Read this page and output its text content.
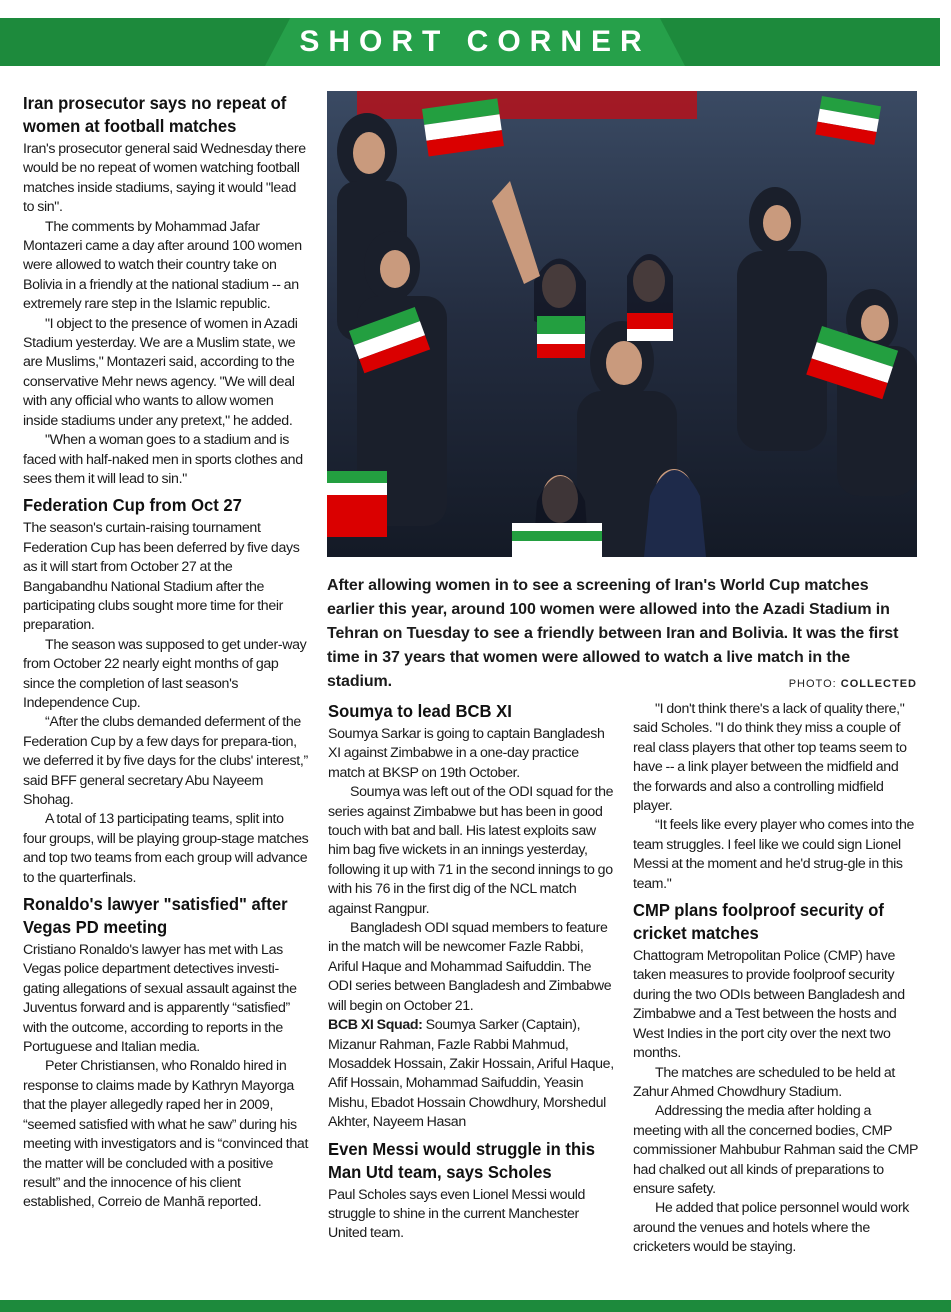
SHORT CORNER
Iran prosecutor says no repeat of women at football matches

Iran's prosecutor general said Wednesday there would be no repeat of women watching football matches inside stadiums, saying it would "lead to sin".

The comments by Mohammad Jafar Montazeri came a day after around 100 women were allowed to watch their country take on Bolivia in a friendly at the national stadium -- an extremely rare step in the Islamic republic.

"I object to the presence of women in Azadi Stadium yesterday. We are a Muslim state, we are Muslims," Montazeri said, according to the conservative Mehr news agency. "We will deal with any official who wants to allow women inside stadiums under any pretext," he added.

"When a woman goes to a stadium and is faced with half-naked men in sports clothes and sees them it will lead to sin."

Federation Cup from Oct 27

The season's curtain-raising tournament Federation Cup has been deferred by five days as it will start from October 27 at the Bangabandhu National Stadium after the participating clubs sought more time for their preparation.

The season was supposed to get under-way from October 22 nearly eight months of gap since the completion of last season's Independence Cup.

“After the clubs demanded deferment of the Federation Cup by a few days for prepara-tion, we deferred it by five days for the clubs' interest,” said BFF general secretary Abu Nayeem Shohag.

A total of 13 participating teams, split into four groups, will be playing group-stage matches and top two teams from each group will advance to the quarterfinals.

Ronaldo's lawyer "satisfied" after Vegas PD meeting

Cristiano Ronaldo's lawyer has met with Las Vegas police department detectives investi-gating allegations of sexual assault against the Juventus forward and is apparently “satisfied” with the outcome, according to reports in the Portuguese and Italian media.

Peter Christiansen, who Ronaldo hired in response to claims made by Kathryn Mayorga that the player allegedly raped her in 2009, “seemed satisfied with what he saw” during his meeting with investigators and is “convinced that the matter will be concluded with a positive result” and the innocence of his client established, Correio de Manhã reported.

After allowing women in to see a screening of Iran's World Cup matches earlier this year, around 100 women were allowed into the Azadi Stadium in Tehran on Tuesday to see a friendly between Iran and Bolivia. It was the first time in 37 years that women were allowed to watch a live match in the stadium.	PHOTO: COLLECTED
Soumya to lead BCB XI

Soumya Sarkar is going to captain Bangladesh XI against Zimbabwe in a one-day practice match at BKSP on 19th October.

Soumya was left out of the ODI squad for the series against Zimbabwe but has been in good touch with bat and ball. His latest exploits saw him bag five wickets in an innings yesterday, following it up with 71 in the second innings to go with his 76 in the first dig of the NCL match against Rangpur.

Bangladesh ODI squad members to feature in the match will be newcomer Fazle Rabbi, Ariful Haque and Mohammad Saifuddin. The ODI series between Bangladesh and Zimbabwe will begin on October 21.

BCB XI Squad: Soumya Sarker (Captain), Mizanur Rahman, Fazle Rabbi Mahmud, Mosaddek Hossain, Zakir Hossain, Ariful Haque, Afif Hossain, Mohammad Saifuddin, Yeasin Mishu, Ebadot Hossain Chowdhury, Morshedul Akhter, Nayeem Hasan

Even Messi would struggle in this Man Utd team, says Scholes

Paul Scholes says even Lionel Messi would struggle to shine in the current Manchester United team.

"I don't think there's a lack of quality there," said Scholes. "I do think they miss a couple of real class players that other top teams seem to have -- a link player between the midfield and the forwards and also a controlling midfield player.

“It feels like every player who comes into the team struggles. I feel like we could sign Lionel Messi at the moment and he'd strug-gle in this team."

CMP plans foolproof security of cricket matches

Chattogram Metropolitan Police (CMP) have taken measures to provide foolproof security during the two ODIs between Bangladesh and Zimbabwe and a Test between the hosts and West Indies in the port city over the next two months.

The matches are scheduled to be held at Zahur Ahmed Chowdhury Stadium.

Addressing the media after holding a meeting with all the concerned bodies, CMP commissioner Mahbubur Rahman said the CMP had chalked out all kinds of preparations to ensure safety.

He added that police personnel would work around the venues and hotels where the cricketers would be staying.
